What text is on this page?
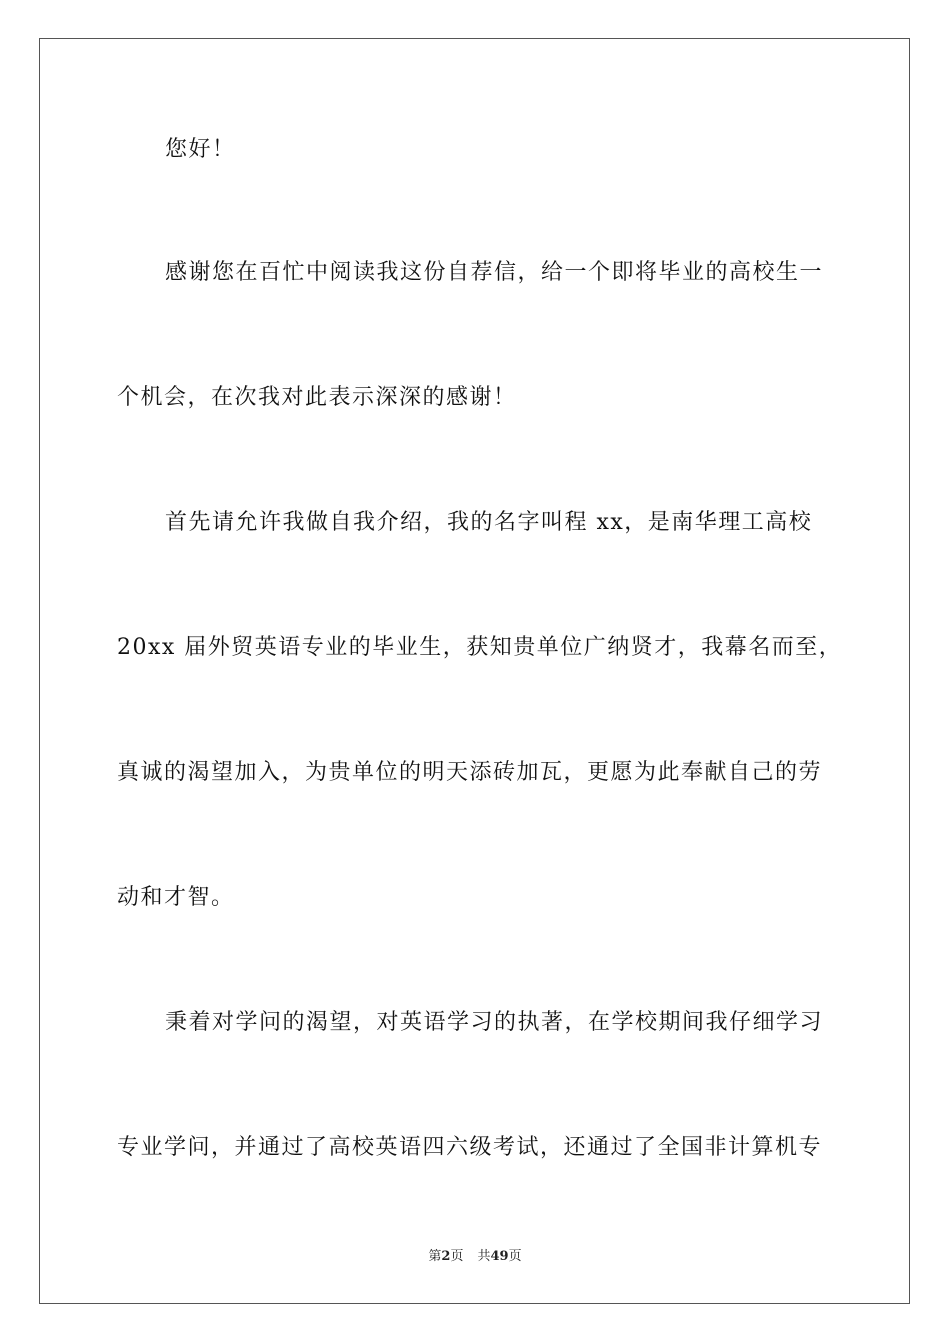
您好！
感谢您在百忙中阅读我这份自荐信，给一个即将毕业的高校生一
个机会，在次我对此表示深深的感谢！
首先请允许我做自我介绍，我的名字叫程 xx，是南华理工高校
20xx 届外贸英语专业的毕业生，获知贵单位广纳贤才，我幕名而至，
真诚的渴望加入，为贵单位的明天添砖加瓦，更愿为此奉献自己的劳
动和才智。
秉着对学问的渴望，对英语学习的执著，在学校期间我仔细学习
专业学问，并通过了高校英语四六级考试，还通过了全国非计算机专
第2页 共49页
